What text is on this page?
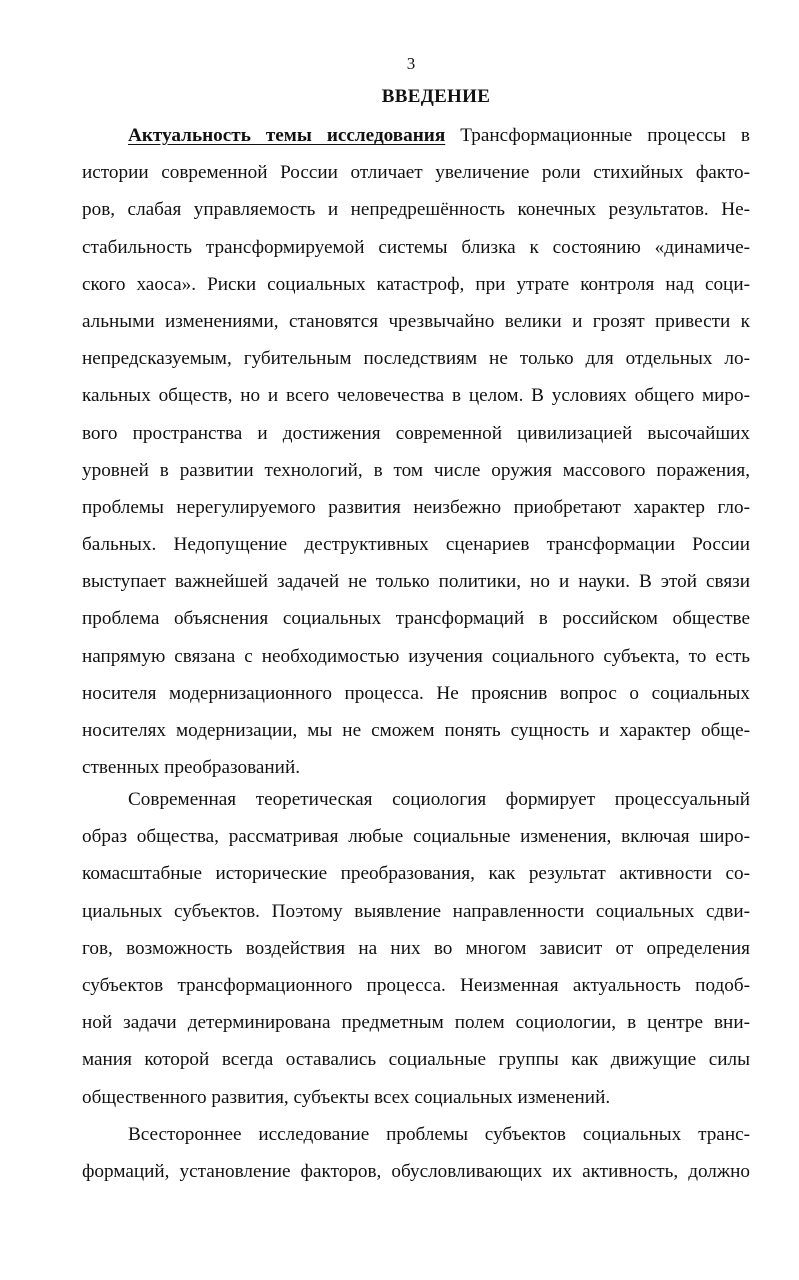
3
ВВЕДЕНИЕ
Актуальность темы исследования Трансформационные процессы в
истории современной России отличает увеличение роли стихийных факто-
ров, слабая управляемость и непредрешённость конечных результатов. Не-
стабильность трансформируемой системы близка к состоянию «динамиче-
ского хаоса». Риски социальных катастроф, при утрате контроля над соци-
альными изменениями, становятся чрезвычайно велики и грозят привести к
непредсказуемым, губительным последствиям не только для отдельных ло-
кальных обществ, но и всего человечества в целом. В условиях общего миро-
вого пространства и достижения современной цивилизацией высочайших
уровней в развитии технологий, в том числе оружия массового поражения,
проблемы нерегулируемого развития неизбежно приобретают характер гло-
бальных. Недопущение деструктивных сценариев трансформации России
выступает важнейшей задачей не только политики, но и науки. В этой связи
проблема объяснения социальных трансформаций в российском обществе
напрямую связана с необходимостью изучения социального субъекта, то есть
носителя модернизационного процесса. Не прояснив вопрос о социальных
носителях модернизации, мы не сможем понять сущность и характер обще-
ственных преобразований.
Современная теоретическая социология формирует процессуальный
образ общества, рассматривая любые социальные изменения, включая широ-
комасштабные исторические преобразования, как результат активности со-
циальных субъектов. Поэтому выявление направленности социальных сдви-
гов, возможность воздействия на них во многом зависит от определения
субъектов трансформационного процесса. Неизменная актуальность подоб-
ной задачи детерминирована предметным полем социологии, в центре вни-
мания которой всегда оставались социальные группы как движущие силы
общественного развития, субъекты всех социальных изменений.
Всестороннее исследование проблемы субъектов социальных транс-
формаций, установление факторов, обусловливающих их активность, должно
